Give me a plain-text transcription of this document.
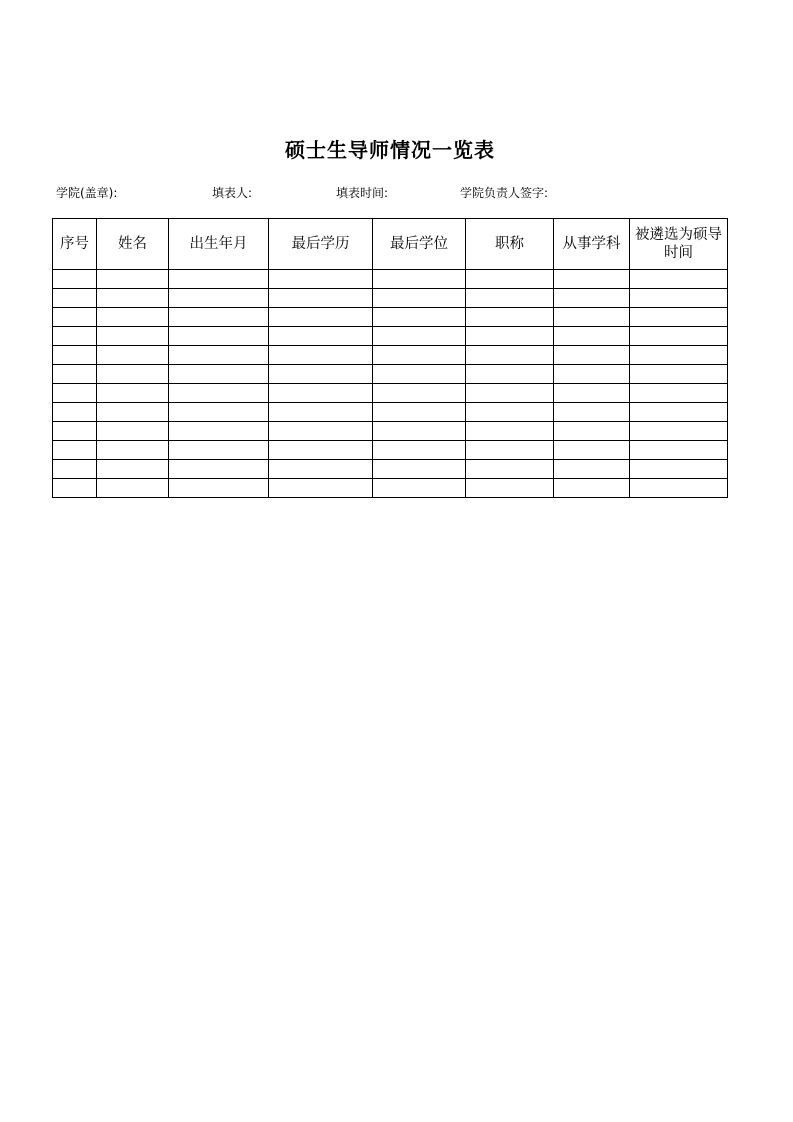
硕士生导师情况一览表
学院(盖章):	填表人:	填表时间:	学院负责人签字:
序号	姓名	出生年月	最后学历	最后学位	职称	从事学科	被遴选为硕导时间
